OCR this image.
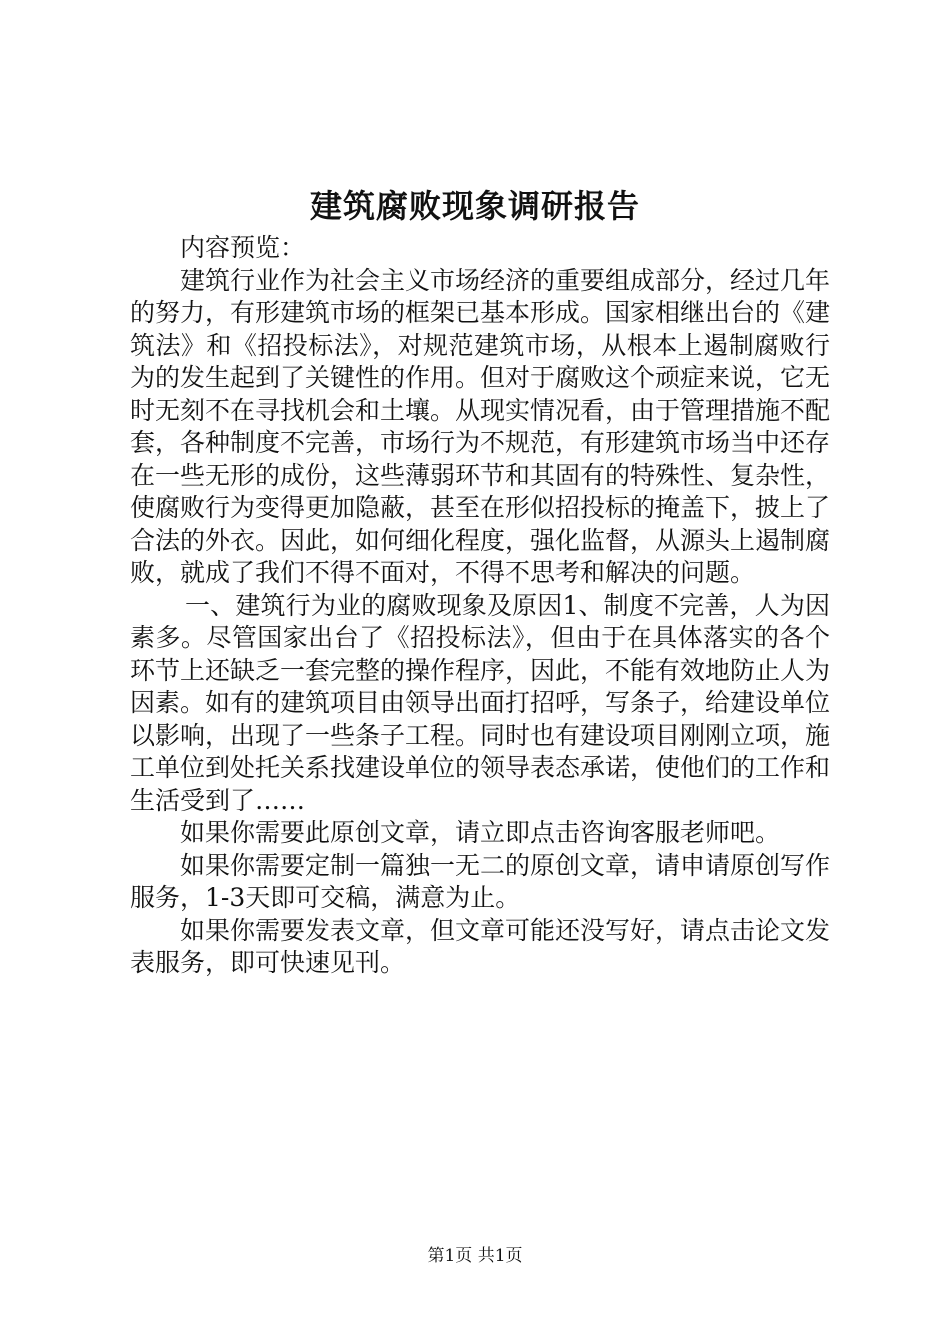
建筑腐败现象调研报告

内容预览：

建筑行业作为社会主义市场经济的重要组成部分，经过几年的努力，有形建筑市场的框架已基本形成。国家相继出台的《建筑法》和《招投标法》，对规范建筑市场，从根本上遏制腐败行为的发生起到了关键性的作用。但对于腐败这个顽症来说，它无时无刻不在寻找机会和土壤。从现实情况看，由于管理措施不配套，各种制度不完善，市场行为不规范，有形建筑市场当中还存在一些无形的成份，这些薄弱环节和其固有的特殊性、复杂性，使腐败行为变得更加隐蔽，甚至在形似招投标的掩盖下，披上了合法的外衣。因此，如何细化程度，强化监督，从源头上遏制腐败，就成了我们不得不面对，不得不思考和解决的问题。

一、建筑行为业的腐败现象及原因1、制度不完善，人为因素多。尽管国家出台了《招投标法》，但由于在具体落实的各个环节上还缺乏一套完整的操作程序，因此，不能有效地防止人为因素。如有的建筑项目由领导出面打招呼，写条子，给建设单位以影响，出现了一些条子工程。同时也有建设项目刚刚立项，施工单位到处托关系找建设单位的领导表态承诺，使他们的工作和生活受到了……

如果你需要此原创文章，请立即点击咨询客服老师吧。

如果你需要定制一篇独一无二的原创文章，请申请原创写作服务，1-3天即可交稿，满意为止。

如果你需要发表文章，但文章可能还没写好，请点击论文发表服务，即可快速见刊。

第1页 共1页
